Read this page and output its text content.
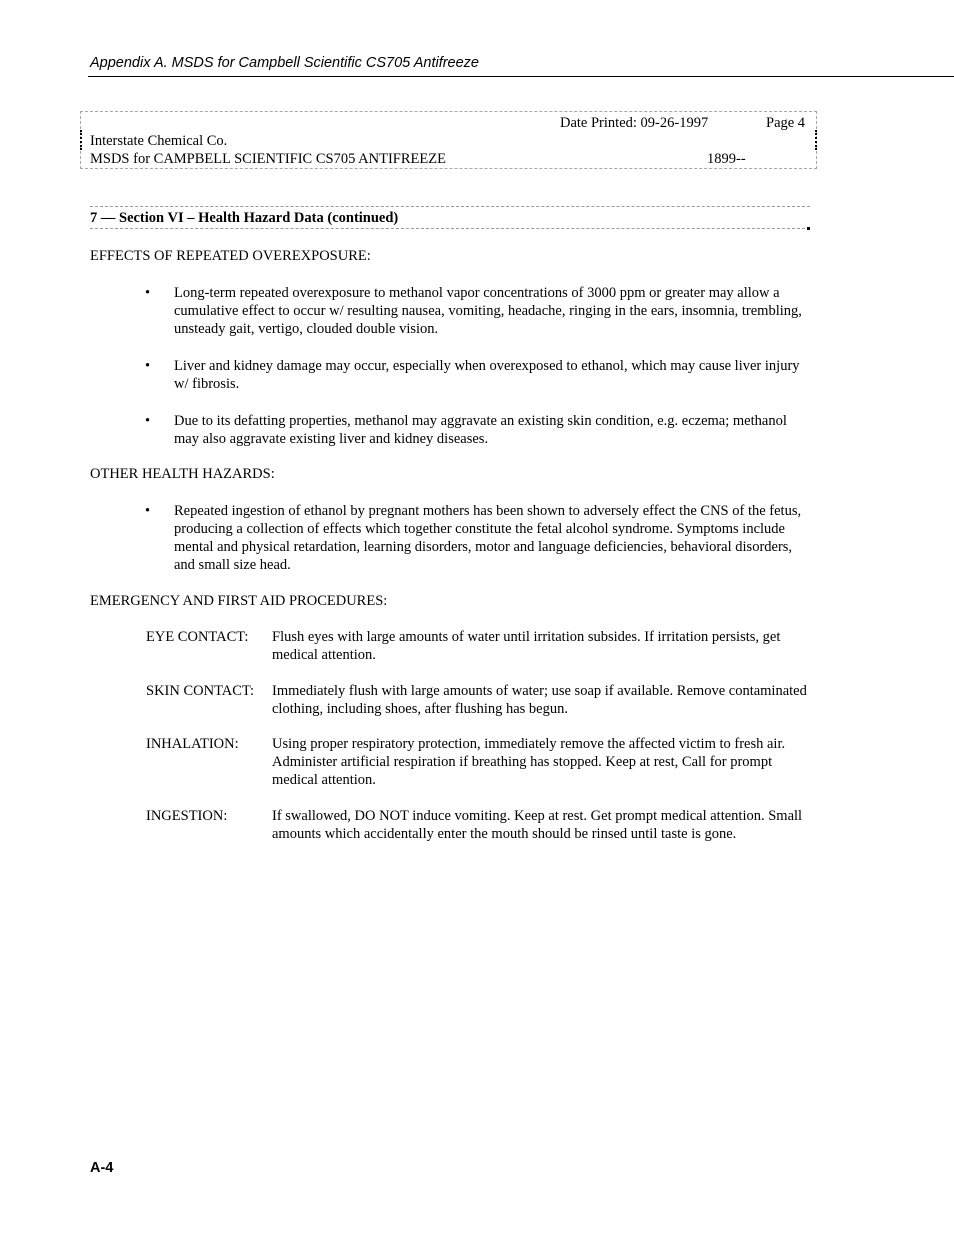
Appendix A. MSDS for Campbell Scientific CS705 Antifreeze
Date Printed: 09-26-1997	Page 4
Interstate Chemical Co.
MSDS for CAMPBELL SCIENTIFIC CS705 ANTIFREEZE	1899--
7 — Section VI – Health Hazard Data (continued)
EFFECTS OF REPEATED OVEREXPOSURE:
• Long-term repeated overexposure to methanol vapor concentrations of 3000 ppm or greater may allow a cumulative effect to occur w/ resulting nausea, vomiting, headache, ringing in the ears, insomnia, trembling, unsteady gait, vertigo, clouded double vision.
• Liver and kidney damage may occur, especially when overexposed to ethanol, which may cause liver injury w/ fibrosis.
• Due to its defatting properties, methanol may aggravate an existing skin condition, e.g. eczema; methanol may also aggravate existing liver and kidney diseases.
OTHER HEALTH HAZARDS:
• Repeated ingestion of ethanol by pregnant mothers has been shown to adversely effect the CNS of the fetus, producing a collection of effects which together constitute the fetal alcohol syndrome. Symptoms include mental and physical retardation, learning disorders, motor and language deficiencies, behavioral disorders, and small size head.
EMERGENCY AND FIRST AID PROCEDURES:
EYE CONTACT: Flush eyes with large amounts of water until irritation subsides. If irritation persists, get medical attention.
SKIN CONTACT: Immediately flush with large amounts of water; use soap if available. Remove contaminated clothing, including shoes, after flushing has begun.
INHALATION: Using proper respiratory protection, immediately remove the affected victim to fresh air. Administer artificial respiration if breathing has stopped. Keep at rest, Call for prompt medical attention.
INGESTION:	If swallowed, DO NOT induce vomiting. Keep at rest. Get prompt medical attention. Small amounts which accidentally enter the mouth should be rinsed until taste is gone.
A-4
